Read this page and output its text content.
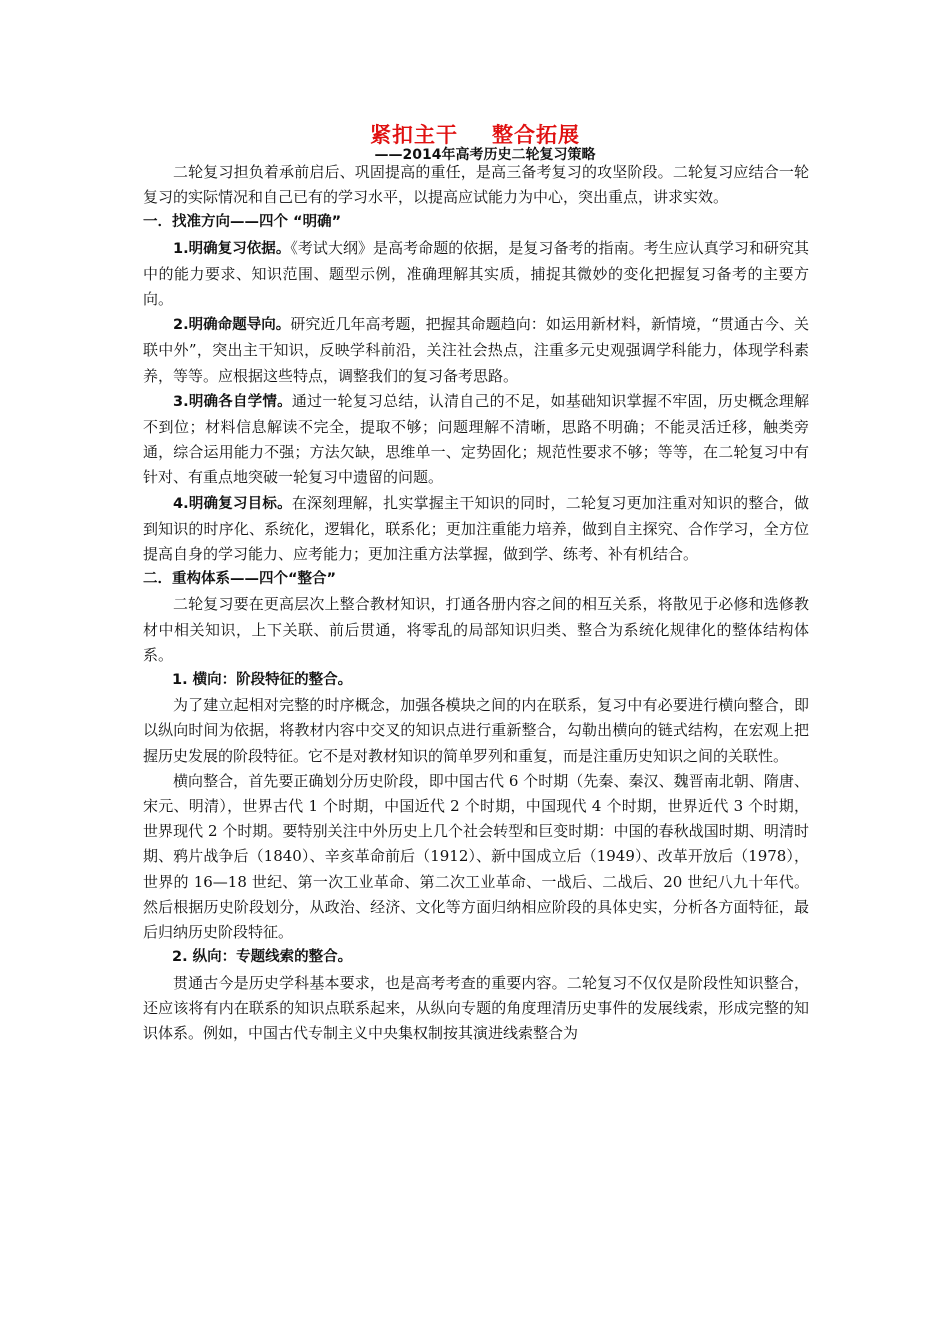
紧扣主干 整合拓展
——2014年高考历史二轮复习策略

二轮复习担负着承前启后、巩固提高的重任，是高三备考复习的攻坚阶段。二轮复习应结合一轮复习的实际情况和自己已有的学习水平，以提高应试能力为中心，突出重点，讲求实效。

一．找准方向——四个 “明确”

1.明确复习依据。《考试大纲》是高考命题的依据，是复习备考的指南。考生应认真学习和研究其中的能力要求、知识范围、题型示例，准确理解其实质，捕捉其微妙的变化把握复习备考的主要方向。

2.明确命题导向。研究近几年高考题，把握其命题趋向：如运用新材料，新情境，“贯通古今、关联中外”，突出主干知识，反映学科前沿，关注社会热点，注重多元史观强调学科能力，体现学科素养，等等。应根据这些特点，调整我们的复习备考思路。

3.明确各自学情。通过一轮复习总结，认清自己的不足，如基础知识掌握不牢固，历史概念理解不到位；材料信息解读不完全，提取不够；问题理解不清晰，思路不明确；不能灵活迁移，触类旁通，综合运用能力不强；方法欠缺，思维单一、定势固化；规范性要求不够；等等，在二轮复习中有针对、有重点地突破一轮复习中遗留的问题。

4.明确复习目标。在深刻理解，扎实掌握主干知识的同时，二轮复习更加注重对知识的整合，做到知识的时序化、系统化，逻辑化，联系化；更加注重能力培养，做到自主探究、合作学习，全方位提高自身的学习能力、应考能力；更加注重方法掌握，做到学、练考、补有机结合。

二．重构体系——四个“整合”

二轮复习要在更高层次上整合教材知识，打通各册内容之间的相互关系，将散见于必修和选修教材中相关知识，上下关联、前后贯通，将零乱的局部知识归类、整合为系统化规律化的整体结构体系。

1. 横向：阶段特征的整合。

为了建立起相对完整的时序概念，加强各模块之间的内在联系，复习中有必要进行横向整合，即以纵向时间为依据，将教材内容中交叉的知识点进行重新整合，勾勒出横向的链式结构，在宏观上把握历史发展的阶段特征。它不是对教材知识的简单罗列和重复，而是注重历史知识之间的关联性。

横向整合，首先要正确划分历史阶段，即中国古代 6 个时期（先秦、秦汉、魏晋南北朝、隋唐、宋元、明清），世界古代 1 个时期，中国近代 2 个时期，中国现代 4 个时期，世界近代 3 个时期，世界现代 2 个时期。要特别关注中外历史上几个社会转型和巨变时期：中国的春秋战国时期、明清时期、鸦片战争后（1840）、辛亥革命前后（1912）、新中国成立后（1949）、改革开放后（1978），世界的 16—18 世纪、第一次工业革命、第二次工业革命、一战后、二战后、20 世纪八九十年代。然后根据历史阶段划分，从政治、经济、文化等方面归纳相应阶段的具体史实，分析各方面特征，最后归纳历史阶段特征。

2. 纵向：专题线索的整合。

贯通古今是历史学科基本要求，也是高考考查的重要内容。二轮复习不仅仅是阶段性知识整合，还应该将有内在联系的知识点联系起来，从纵向专题的角度理清历史事件的发展线索，形成完整的知识体系。例如，中国古代专制主义中央集权制按其演进线索整合为
